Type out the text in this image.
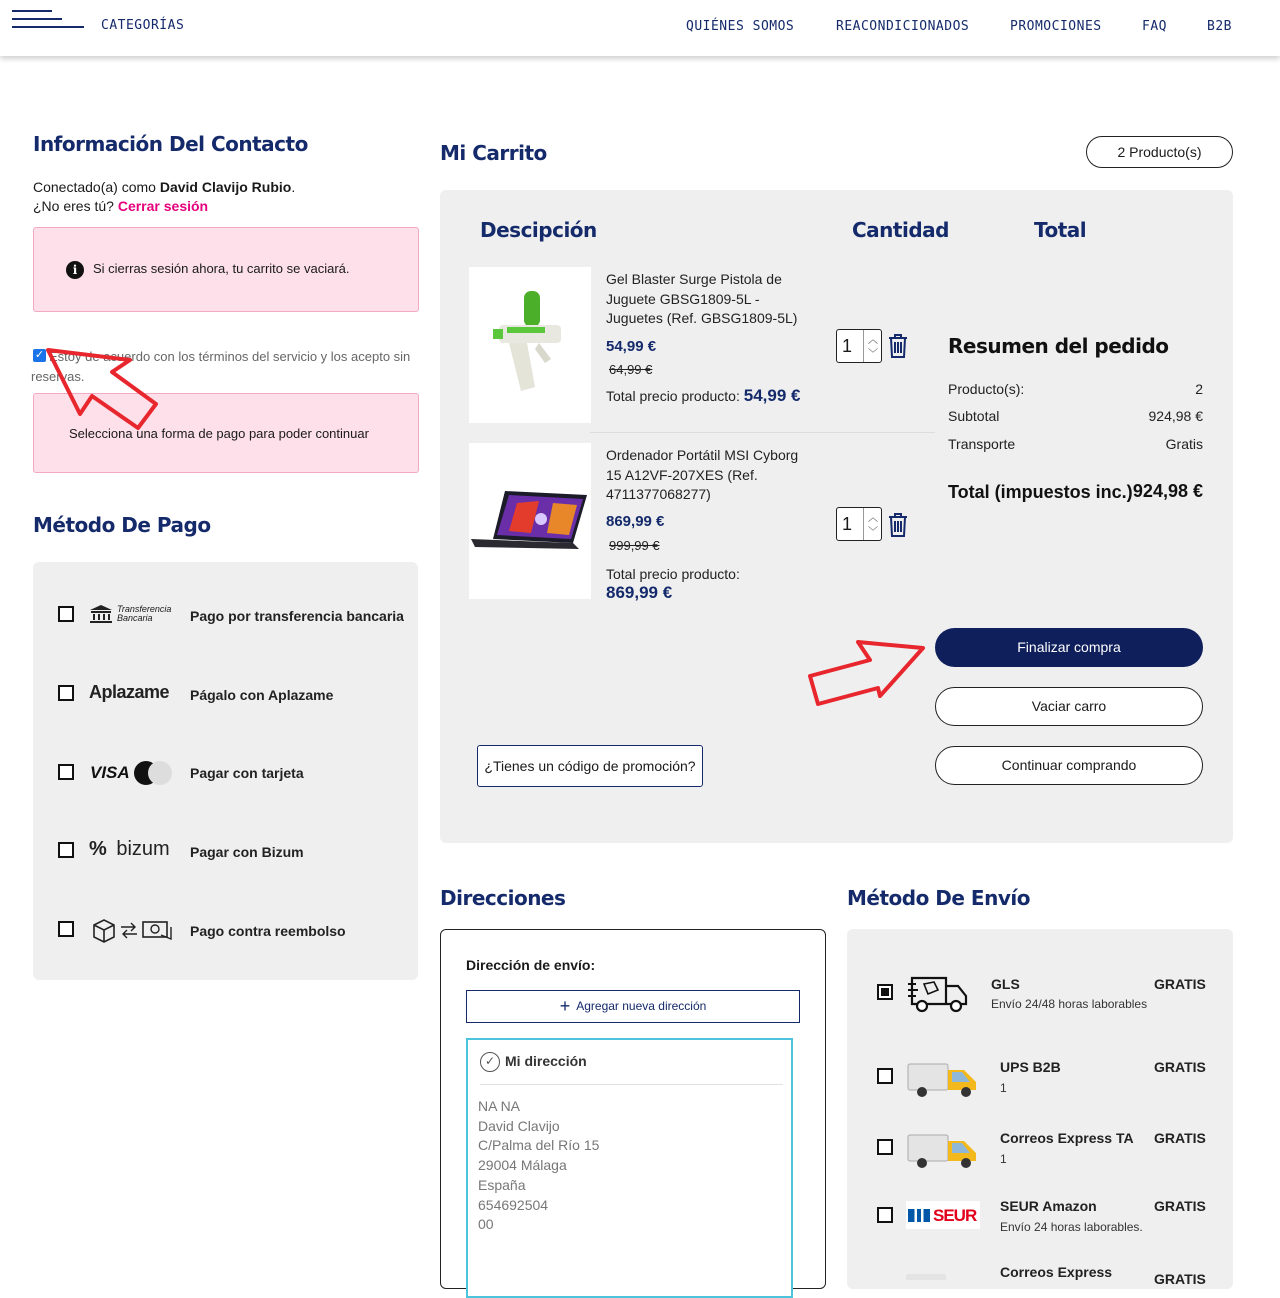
CATEGORÍAS	QUIÉNES SOMOS	REACONDICIONADOS	PROMOCIONES	FAQ	B2B
Información Del Contacto
Conectado(a) como David Clavijo Rubio.
¿No eres tú? Cerrar sesión
i	Si cierras sesión ahora, tu carrito se vaciará.
✓ Estoy de acuerdo con los términos del servicio y los acepto sin reservas.
Selecciona una forma de pago para poder continuar
Método De Pago
Transferencia Bancaria	Pago por transferencia bancaria
Aplazame Págalo con Aplazame
VISA	Pagar con tarjeta
% bizum Pagar con Bizum
Pago contra reembolso
Mi Carrito	2 Producto(s)
Descipción	Cantidad	Total
Gel Blaster Surge Pistola de Juguete GBSG1809-5L - Juguetes (Ref. GBSG1809-5L)
54,99 €
64,99 €
Total precio producto: 54,99 €
1 ︿
﹀
Ordenador Portátil MSI Cyborg 15 A12VF-207XES (Ref. 4711377068277)
869,99 €
999,99 €
Total precio producto:
869,99 €
1 ︿
﹀
Resumen del pedido
Producto(s):	2
Subtotal	924,98 €
Transporte	Gratis
Total (impuestos inc.) 924,98 €
Finalizar compra
Vaciar carro
Continuar comprando
¿Tienes un código de promoción?
Direcciones
Dirección de envío:
+ Agregar nueva dirección
✓ Mi dirección
NA NA
David Clavijo
C/Palma del Río 15
29004 Málaga
España
654692504
00
Método De Envío
GLS
Envío 24/48 horas laborables
GRATIS
UPS B2B
1
GRATIS
Correos Express TA
1
GRATIS
SEUR SEUR Amazon
Envío 24 horas laborables.
GRATIS
Correos Express	GRATIS
